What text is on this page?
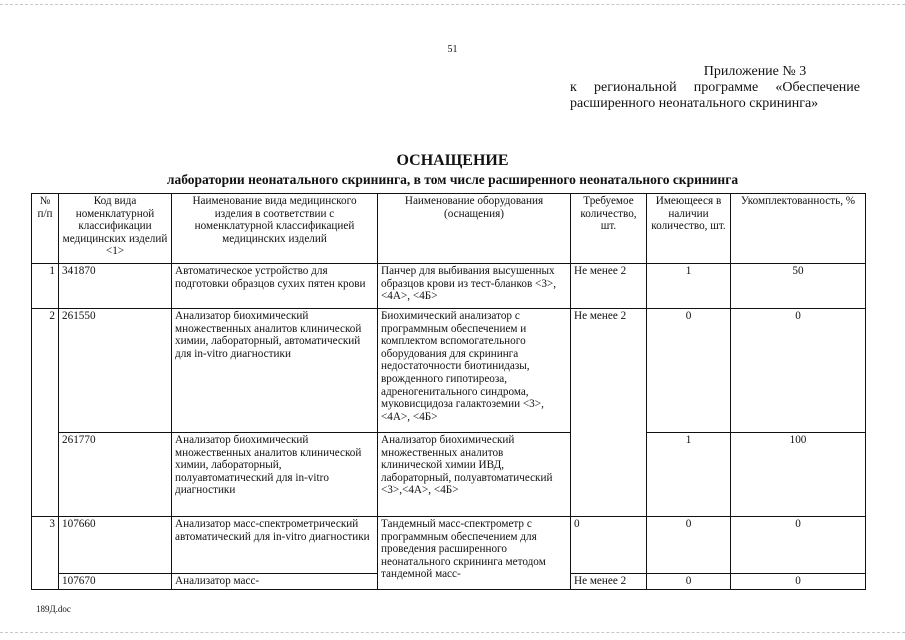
51
Приложение № 3
к региональной программе «Обеспечение
расширенного неонатального скрининга»
ОСНАЩЕНИЕ
лаборатории неонатального скрининга, в том числе расширенного неонатального скрининга
№ п/п	Код вида номенклатурной классификации медицинских изделий <1>	Наименование вида медицинского изделия в соответствии с номенклатурной классификацией медицинских изделий	Наименование оборудования (оснащения)	Требуемое количество, шт.	Имеющееся в наличии количество, шт.	Укомплектованность, %
1	341870	Автоматическое устройство для подготовки образцов сухих пятен крови	Панчер для выбивания высушенных образцов крови из тест-бланков <3>,<4А>, <4Б>	Не менее 2	1	50
2	261550	Анализатор биохимический множественных аналитов клинической химии, лабораторный, автоматический для in-vitro диагностики	Биохимический анализатор с программным обеспечением и комплектом вспомогательного оборудования для скрининга недостаточности биотинидазы, врожденного гипотиреоза, адреногенитального синдрома, муковисцидоза галактоземии <3>,<4А>, <4Б>	Не менее 2	0	0
	261770	Анализатор биохимический множественных аналитов клинической химии, лабораторный, полуавтоматический для in-vitro диагностики	Анализатор биохимический множественных аналитов клинической химии ИВД, лабораторный, полуавтоматический <3>,<4А>, <4Б>		1	100
3	107660	Анализатор масс-спектрометрический автоматический для in-vitro диагностики	Тандемный масс-спектрометр с программным обеспечением для проведения расширенного неонатального скрининга методом тандемной масс-	0	0	0
	107670	Анализатор масс-		Не менее 2	0	0
189Д.doc
